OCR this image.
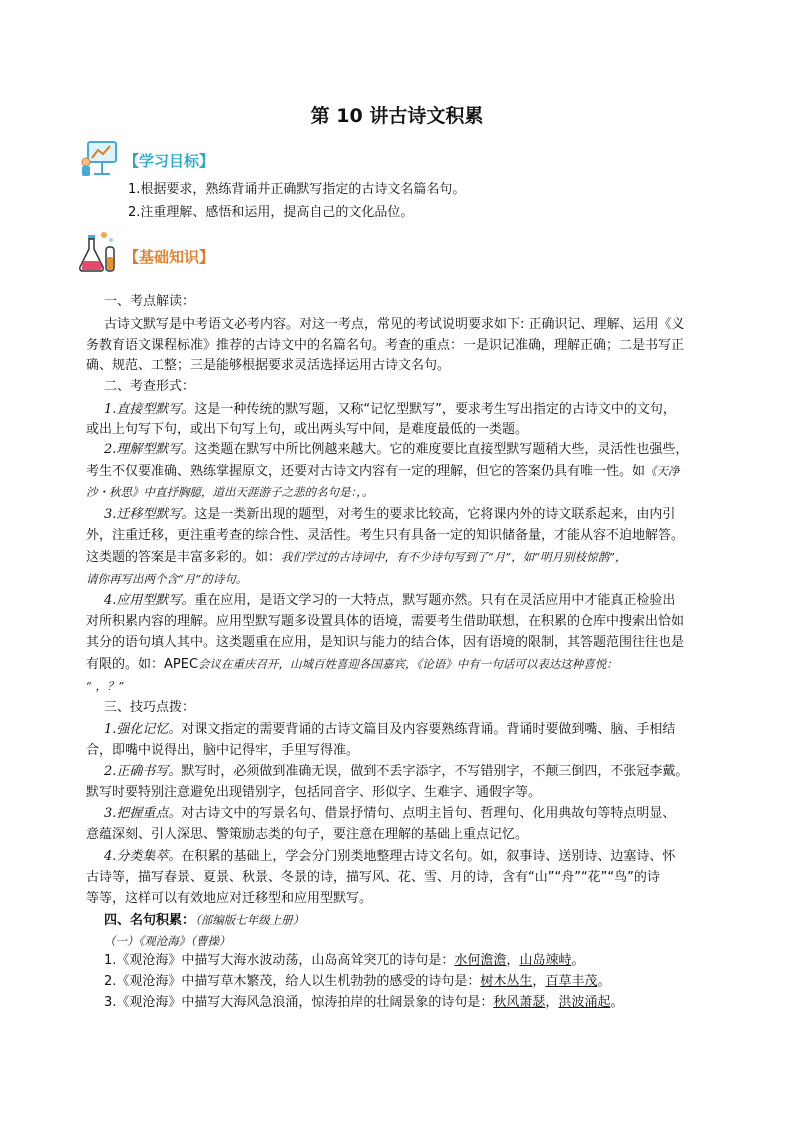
第 10 讲古诗文积累
【学习目标】
1.根据要求，熟练背诵并正确默写指定的古诗文名篇名句。
2.注重理解、感悟和运用，提高自己的文化品位。
【基础知识】
一、考点解读：
古诗文默写是中考语文必考内容。对这一考点，常见的考试说明要求如下: 正确识记、理解、运用《义
务教育语文课程标准》推荐的古诗文中的名篇名句。考查的重点：一是识记准确，理解正确；二是书写正
确、规范、工整；三是能够根据要求灵活选择运用古诗文名句。
二、考查形式：
1.直接型默写。这是一种传统的默写题，又称“记忆型默写”，要求考生写出指定的古诗文中的文句，
或出上句写下句，或出下句写上句，或出两头写中间，是难度最低的一类题。
2.理解型默写。这类题在默写中所比例越来越大。它的难度要比直接型默写题稍大些，灵活性也强些，
考生不仅要准确、熟练掌握原文，还要对古诗文内容有一定的理解，但它的答案仍具有唯一性。如《天净
沙・秋思》中直抒胸臆，道出天涯游子之悲的名句是：，。
3.迁移型默写。这是一类新出现的题型，对考生的要求比较高，它将课内外的诗文联系起来，由内引
外，注重迁移，更注重考查的综合性、灵活性。考生只有具备一定的知识储备量，才能从容不迫地解答。
这类题的答案是丰富多彩的。如：我们学过的古诗词中，有不少诗句写到了“月”，如“明月别枝惊鹊”，
请你再写出两个含“月”的诗句。
4.应用型默写。重在应用，是语文学习的一大特点，默写题亦然。只有在灵活应用中才能真正检验出
对所积累内容的理解。应用型默写题多设置具体的语境，需要考生借助联想，在积累的仓库中搜索出恰如
其分的语句填人其中。这类题重在应用，是知识与能力的结合体，因有语境的限制，其答题范围往往也是
有限的。如：APEC会议在重庆召开，山城百姓喜迎各国嘉宾，《论语》中有一句话可以表达这种喜悦：
“ ，？”
三、技巧点拨：
1.强化记忆。对课文指定的需要背诵的古诗文篇目及内容要熟练背诵。背诵时要做到嘴、脑、手相结
合，即嘴中说得出，脑中记得牢，手里写得准。
2.正确书写。默写时，必须做到准确无误，做到不丢字添字，不写错别字，不颠三倒四，不张冠李戴。
默写时要特别注意避免出现错别字，包括同音字、形似字、生难字、通假字等。
3.把握重点。对古诗文中的写景名句、借景抒情句、点明主旨句、哲理句、化用典故句等特点明显、
意蕴深刻、引人深思、警策励志类的句子，要注意在理解的基础上重点记忆。
4.分类集萃。在积累的基础上，学会分门别类地整理古诗文名句。如，叙事诗、送别诗、边塞诗、怀
古诗等，描写春景、夏景、秋景、冬景的诗，描写风、花、雪、月的诗，含有“山”“舟”“花”“鸟”的诗
等等，这样可以有效地应对迁移型和应用型默写。
四、名句积累：（部编版七年级上册）
（一）《观沧海》（曹操）
1.《观沧海》中描写大海水波动荡，山岛高耸突兀的诗句是：水何澹澹，山岛竦峙。
2.《观沧海》中描写草木繁茂，给人以生机勃勃的感受的诗句是：树木丛生，百草丰茂。
3.《观沧海》中描写大海风急浪涌，惊涛拍岸的壮阔景象的诗句是：秋风萧瑟，洪波涌起。
